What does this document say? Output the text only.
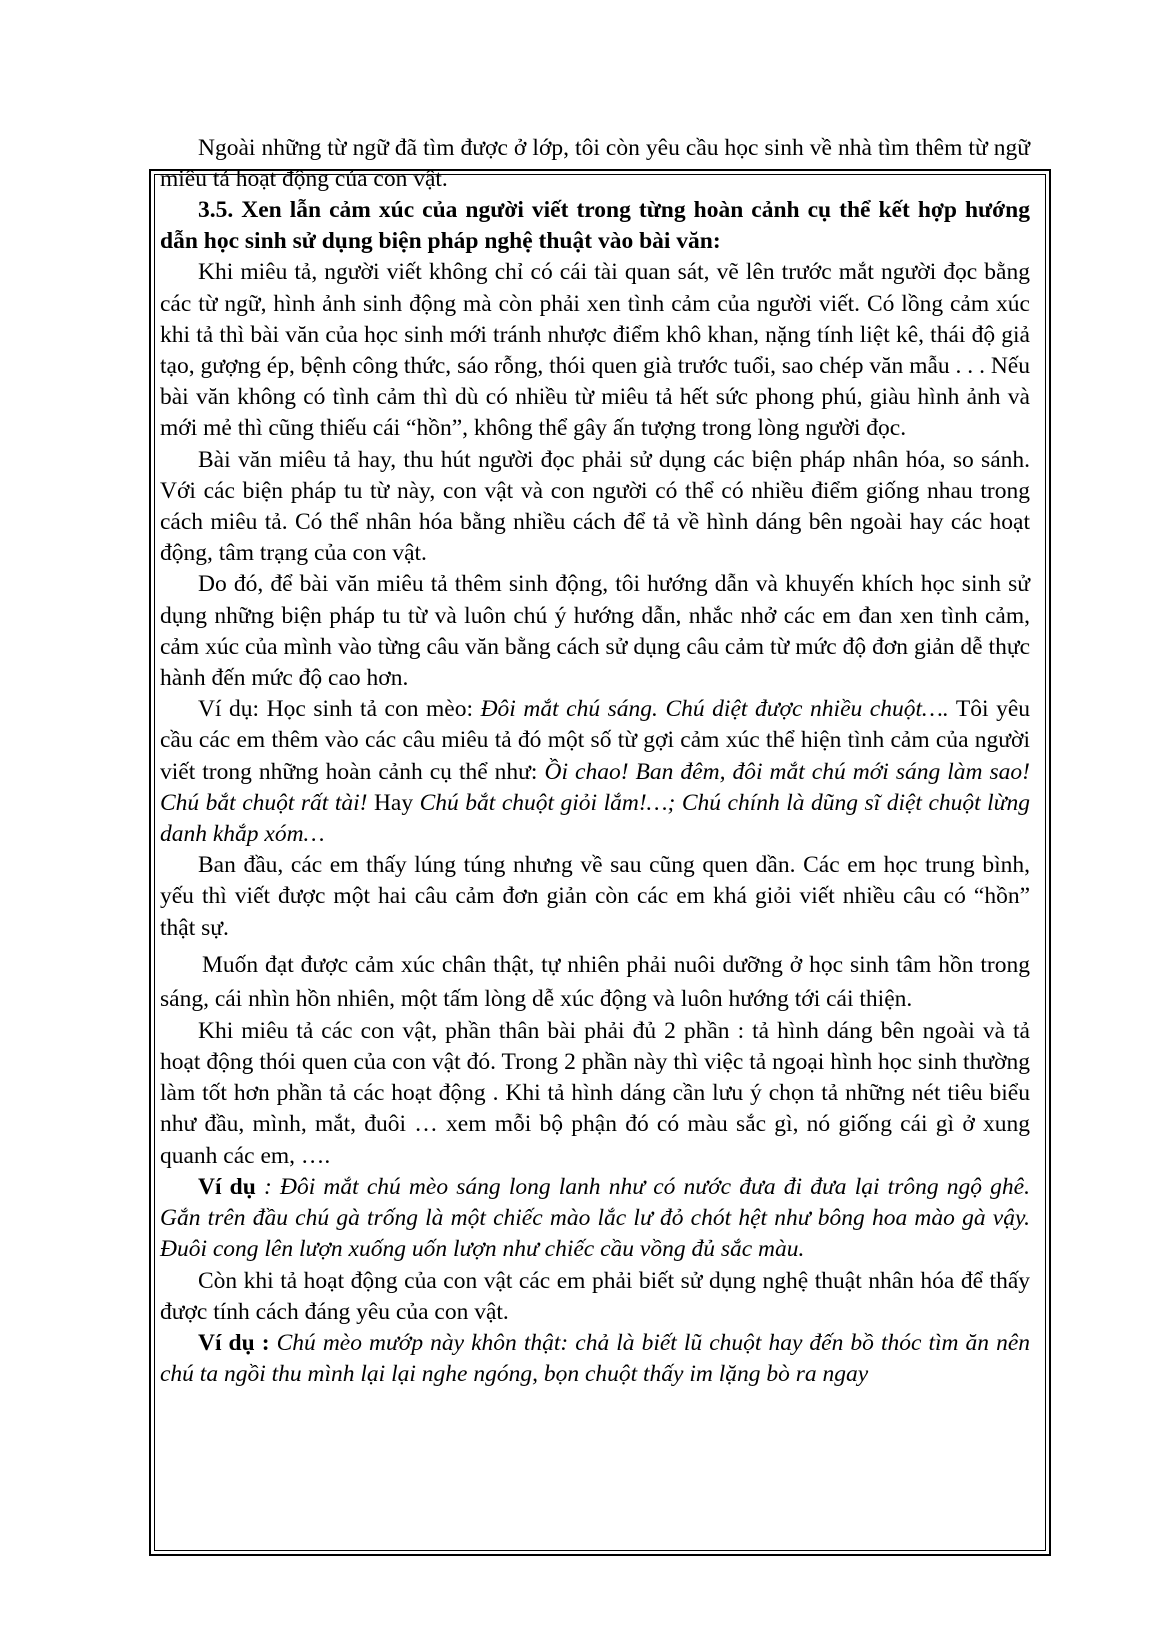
Ngoài những từ ngữ đã tìm được ở lớp, tôi còn yêu cầu học sinh về nhà tìm thêm từ ngữ miêu tả hoạt động của con vật.

3.5. Xen lẫn cảm xúc của người viết trong từng hoàn cảnh cụ thể kết hợp hướng dẫn học sinh sử dụng biện pháp nghệ thuật vào bài văn:

Khi miêu tả, người viết không chỉ có cái tài quan sát, vẽ lên trước mắt người đọc bằng các từ ngữ, hình ảnh sinh động mà còn phải xen tình cảm của người viết. Có lồng cảm xúc khi tả thì bài văn của học sinh mới tránh nhược điểm khô khan, nặng tính liệt kê, thái độ giả tạo, gượng ép, bệnh công thức, sáo rỗng, thói quen già trước tuổi, sao chép văn mẫu . . . Nếu bài văn không có tình cảm thì dù có nhiều từ miêu tả hết sức phong phú, giàu hình ảnh và mới mẻ thì cũng thiếu cái “hồn”, không thể gây ấn tượng trong lòng người đọc.

Bài văn miêu tả hay, thu hút người đọc phải sử dụng các biện pháp nhân hóa, so sánh. Với các biện pháp tu từ này, con vật và con người có thể có nhiều điểm giống nhau trong cách miêu tả. Có thể nhân hóa bằng nhiều cách để tả về hình dáng bên ngoài hay các hoạt động, tâm trạng của con vật.

Do đó, để bài văn miêu tả thêm sinh động, tôi hướng dẫn và khuyến khích học sinh sử dụng những biện pháp tu từ và luôn chú ý hướng dẫn, nhắc nhở các em đan xen tình cảm, cảm xúc của mình vào từng câu văn bằng cách sử dụng câu cảm từ mức độ đơn giản dễ thực hành đến mức độ cao hơn.

Ví dụ: Học sinh tả con mèo: Đôi mắt chú sáng. Chú diệt được nhiều chuột…. Tôi yêu cầu các em thêm vào các câu miêu tả đó một số từ gợi cảm xúc thể hiện tình cảm của người viết trong những hoàn cảnh cụ thể như: Ồi chao! Ban đêm, đôi mắt chú mới sáng làm sao! Chú bắt chuột rất tài! Hay Chú bắt chuột giỏi lắm!…; Chú chính là dũng sĩ diệt chuột lừng danh khắp xóm…

Ban đầu, các em thấy lúng túng nhưng về sau cũng quen dần. Các em học trung bình, yếu thì viết được một hai câu cảm đơn giản còn các em khá giỏi viết nhiều câu có “hồn” thật sự.

Muốn đạt được cảm xúc chân thật, tự nhiên phải nuôi dưỡng ở học sinh tâm hồn trong sáng, cái nhìn hồn nhiên, một tấm lòng dễ xúc động và luôn hướng tới cái thiện.

Khi miêu tả các con vật, phần thân bài phải đủ 2 phần : tả hình dáng bên ngoài và tả hoạt động thói quen của con vật đó. Trong 2 phần này thì việc tả ngoại hình học sinh thường làm tốt hơn phần tả các hoạt động . Khi tả hình dáng cần lưu ý chọn tả những nét tiêu biểu như đầu, mình, mắt, đuôi … xem mỗi bộ phận đó có màu sắc gì, nó giống cái gì ở xung quanh các em, ….

Ví dụ : Đôi mắt chú mèo sáng long lanh như có nước đưa đi đưa lại trông ngộ ghê. Gắn trên đầu chú gà trống là một chiếc mào lắc lư đỏ chót hệt như bông hoa mào gà vậy. Đuôi cong lên lượn xuống uốn lượn như chiếc cầu vồng đủ sắc màu.

Còn khi tả hoạt động của con vật các em phải biết sử dụng nghệ thuật nhân hóa để thấy được tính cách đáng yêu của con vật.

Ví dụ : Chú mèo mướp này khôn thật: chả là biết lũ chuột hay đến bồ thóc tìm ăn nên chú ta ngồi thu mình lại lại nghe ngóng, bọn chuột thấy im lặng bò ra ngay
